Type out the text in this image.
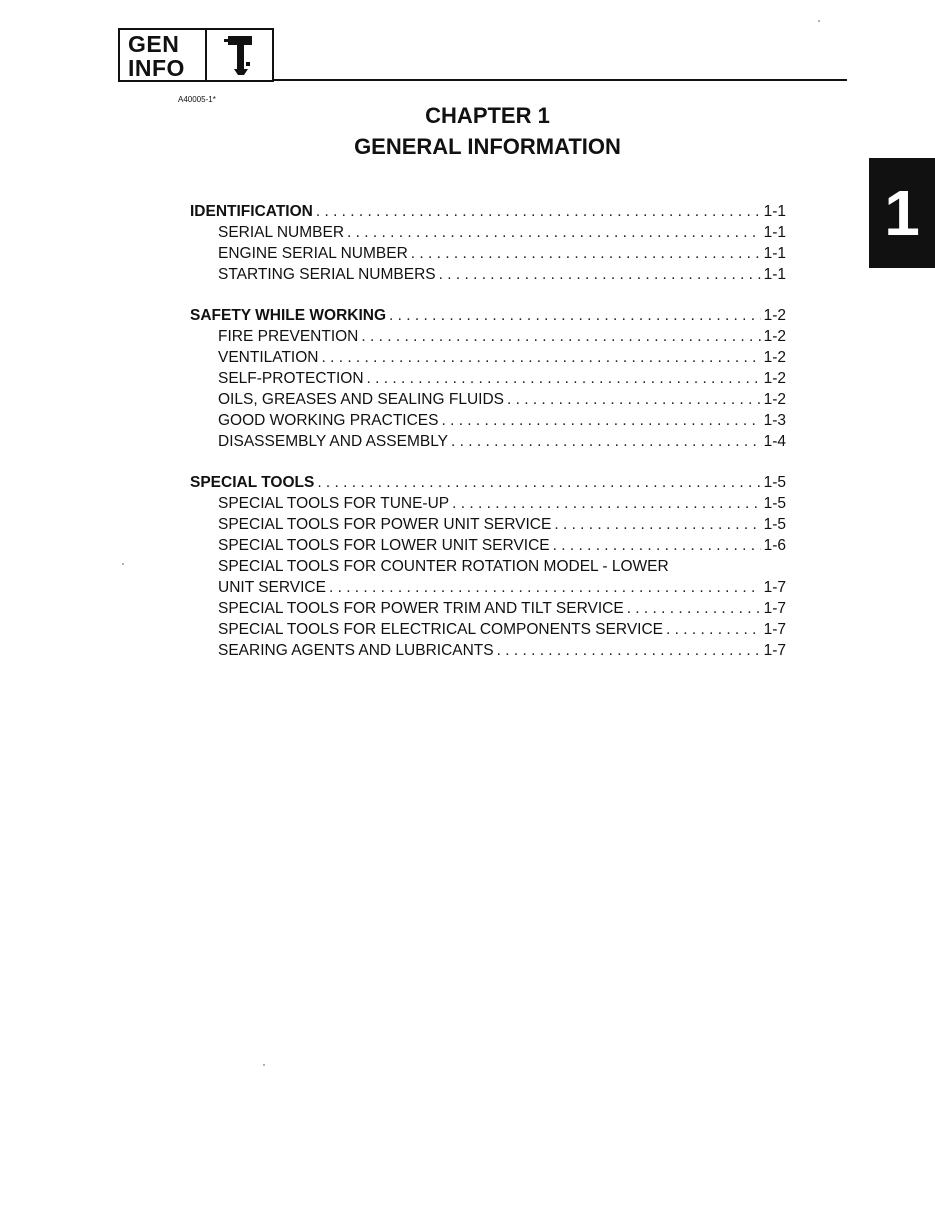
GEN
INFO
A40005-1*
CHAPTER 1
GENERAL INFORMATION
1
IDENTIFICATION . . .	1-1
SERIAL NUMBER . . .	1-1
ENGINE SERIAL NUMBER . . .	1-1
STARTING SERIAL NUMBERS . . .	1-1
SAFETY WHILE WORKING . . .	1-2
FIRE PREVENTION . . .	1-2
VENTILATION . . .	1-2
SELF-PROTECTION . . .	1-2
OILS, GREASES AND SEALING FLUIDS . . .	1-2
GOOD WORKING PRACTICES . . .	1-3
DISASSEMBLY AND ASSEMBLY . . .	1-4
SPECIAL TOOLS . . .	1-5
SPECIAL TOOLS FOR TUNE-UP . . .	1-5
SPECIAL TOOLS FOR POWER UNIT SERVICE . . .	1-5
SPECIAL TOOLS FOR LOWER UNIT SERVICE . . .	1-6
SPECIAL TOOLS FOR COUNTER ROTATION MODEL - LOWER
UNIT SERVICE . . .	1-7
SPECIAL TOOLS FOR POWER TRIM AND TILT SERVICE . . .	1-7
SPECIAL TOOLS FOR ELECTRICAL COMPONENTS SERVICE . . .	1-7
SEARING AGENTS AND LUBRICANTS . . .	1-7
